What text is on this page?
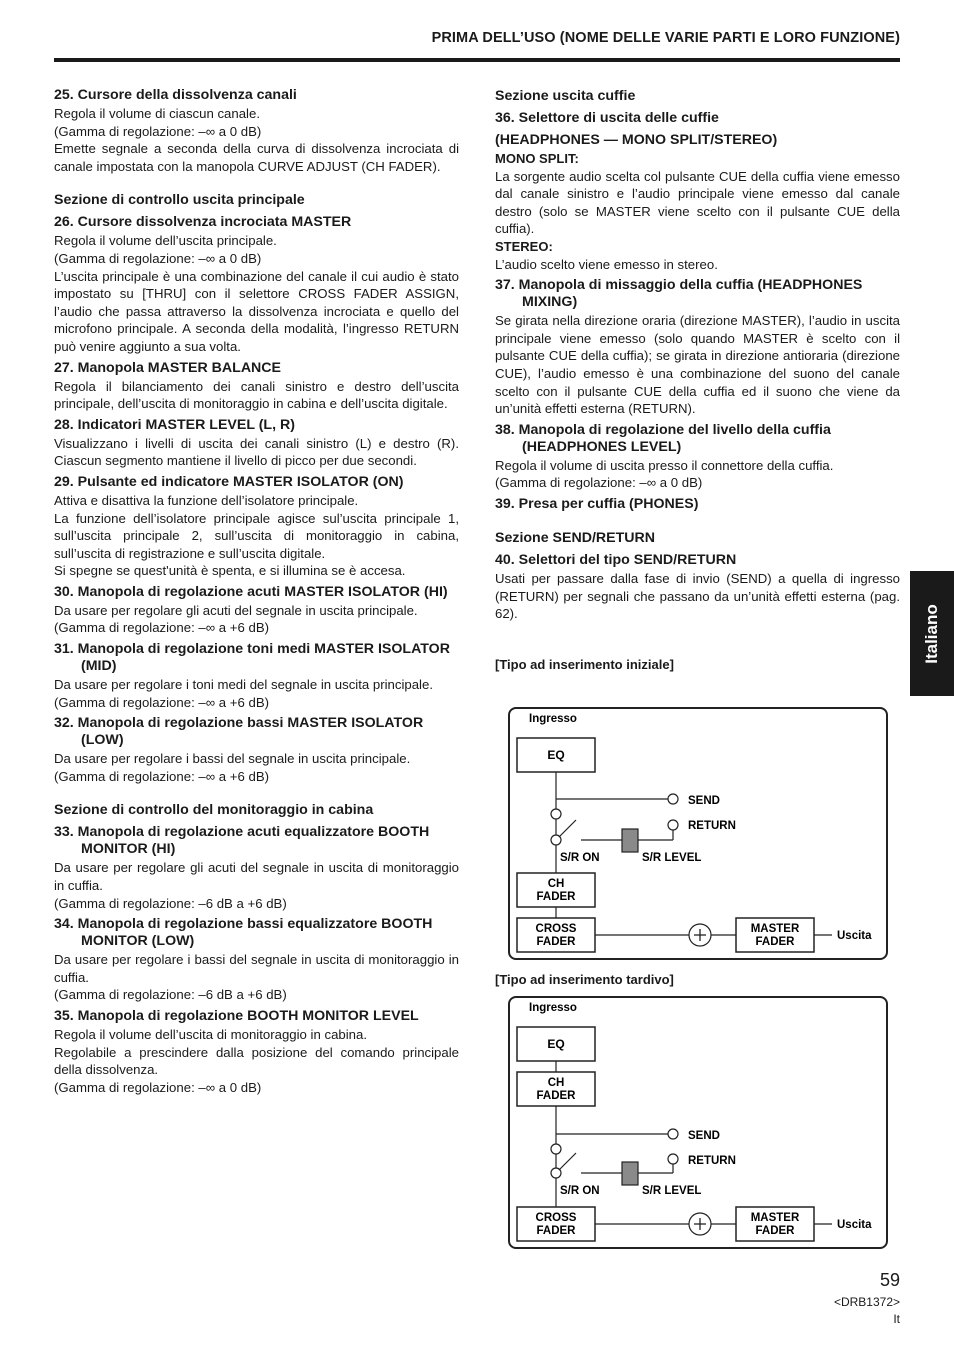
PRIMA DELL’USO (NOME DELLE VARIE PARTI E LORO FUNZIONE)
25. Cursore della dissolvenza canali

Regola il volume di ciascun canale.

(Gamma di regolazione: –∞ a 0 dB)

Emette segnale a seconda della curva di dissolvenza incrociata di canale impostata con la manopola CURVE ADJUST (CH FADER).

Sezione di controllo uscita principale
26. Cursore dissolvenza incrociata MASTER

Regola il volume dell’uscita principale.

(Gamma di regolazione: –∞ a 0 dB)

L’uscita principale è una combinazione del canale il cui audio è stato impostato su [THRU] con il selettore CROSS FADER ASSIGN, l’audio che passa attraverso la dissolvenza incrociata e quello del microfono principale. A seconda della modalità, l’ingresso RETURN può venire aggiunto a sua volta.

27. Manopola MASTER BALANCE

Regola il bilanciamento dei canali sinistro e destro dell’uscita principale, dell’uscita di monitoraggio in cabina e dell’uscita digitale.

28. Indicatori MASTER LEVEL (L, R)

Visualizzano i livelli di uscita dei canali sinistro (L) e destro (R). Ciascun segmento mantiene il livello di picco per due secondi.

29. Pulsante ed indicatore MASTER ISOLATOR (ON)

Attiva e disattiva la funzione dell’isolatore principale.

La funzione dell’isolatore principale agisce sul’uscita principale 1, sull’uscita principale 2, sull’uscita di monitoraggio in cabina, sull’uscita di registrazione e sull’uscita digitale.

Si spegne se quest'unità è spenta, e si illumina se è accesa.

30. Manopola di regolazione acuti MASTER ISOLATOR (HI)

Da usare per regolare gli acuti del segnale in uscita principale.

(Gamma di regolazione: –∞ a +6 dB)

31. Manopola di regolazione toni medi MASTER ISOLATOR (MID)

Da usare per regolare i toni medi del segnale in uscita principale.

(Gamma di regolazione: –∞ a +6 dB)

32. Manopola di regolazione bassi MASTER ISOLATOR (LOW)

Da usare per regolare i bassi del segnale in uscita principale.

(Gamma di regolazione: –∞ a +6 dB)

Sezione di controllo del monitoraggio in cabina
33. Manopola di regolazione acuti equalizzatore BOOTH MONITOR (HI)

Da usare per regolare gli acuti del segnale in uscita di monitoraggio in cuffia.

(Gamma di regolazione: –6 dB a +6 dB)

34. Manopola di regolazione bassi equalizzatore BOOTH MONITOR (LOW)

Da usare per regolare i bassi del segnale in uscita di monitoraggio in cuffia.

(Gamma di regolazione: –6 dB a +6 dB)

35. Manopola di regolazione BOOTH MONITOR LEVEL

Regola il volume dell’uscita di monitoraggio in cabina.

Regolabile a prescindere dalla posizione del comando principale della dissolvenza.

(Gamma di regolazione: –∞ a 0 dB)

Sezione uscita cuffie
36. Selettore di uscita delle cuffie
(HEADPHONES — MONO SPLIT/STEREO)

MONO SPLIT:

La sorgente audio scelta col pulsante CUE della cuffia viene emesso dal canale sinistro e l’audio principale viene emesso dal canale destro (solo se MASTER viene scelto con il pulsante CUE della cuffia).

STEREO:

L’audio scelto viene emesso in stereo.

37. Manopola di missaggio della cuffia (HEADPHONES MIXING)

Se girata nella direzione oraria (direzione MASTER), l’audio in uscita principale viene emesso (solo quando MASTER è scelto con il pulsante CUE della cuffia); se girata in direzione antioraria (direzione CUE), l’audio emesso è una combinazione del suono del canale scelto con il pulsante CUE della cuffia ed il suono che viene da un’unità effetti esterna (RETURN).

38. Manopola di regolazione del livello della cuffia (HEADPHONES LEVEL)

Regola il volume di uscita presso il connettore della cuffia.

(Gamma di regolazione: –∞ a 0 dB)

39. Presa per cuffia (PHONES)
Sezione SEND/RETURN
40. Selettori del tipo SEND/RETURN

Usati per passare dalla fase di invio (SEND) a quella di ingresso (RETURN) per segnali che passano da un’unità effetti esterna (pag. 62).

[Tipo ad inserimento iniziale]
[Tipo ad inserimento tardivo]
Ingresso
EQ
SEND
RETURN
S/R ON	S/R LEVEL
CH
FADER
CROSS
FADER
MASTER
FADER	Uscita
Ingresso
EQ
CH
FADER
SEND
RETURN
S/R ON	S/R LEVEL
CROSS
FADER
MASTER
FADER	Uscita
Italiano
59
<DRB1372>
It
